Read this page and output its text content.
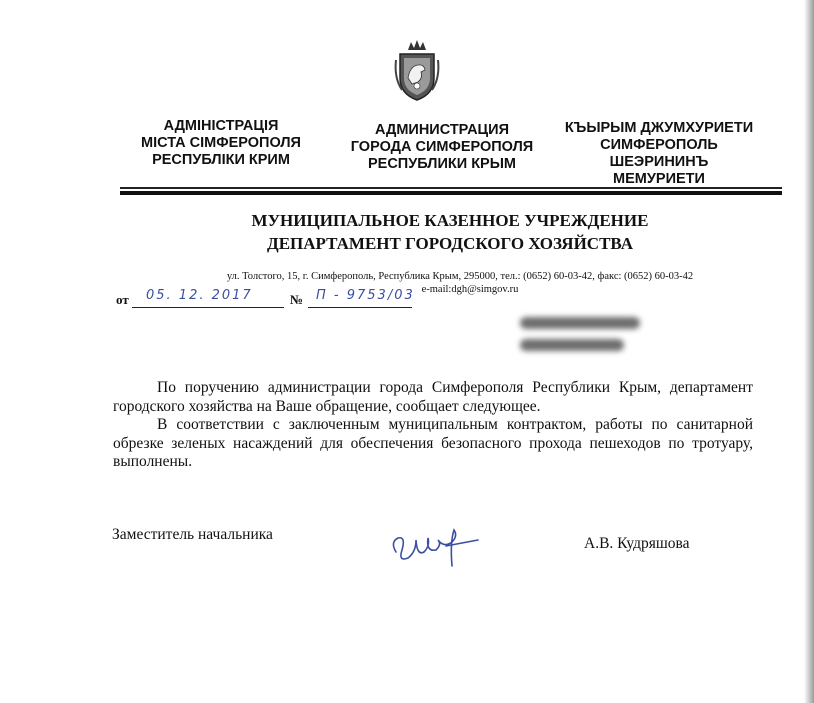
АДМІНІСТРАЦІЯ
МІСТА СІМФЕРОПОЛЯ
РЕСПУБЛІКИ КРИМ
АДМИНИСТРАЦИЯ
ГОРОДА СИМФЕРОПОЛЯ
РЕСПУБЛИКИ КРЫМ
КЪЫРЫМ ДЖУМХУРИЕТИ
СИМФЕРОПОЛЬ
ШЕЭРИНИНЪ
МЕМУРИЕТИ
МУНИЦИПАЛЬНОЕ КАЗЕННОЕ УЧРЕЖДЕНИЕ
ДЕПАРТАМЕНТ ГОРОДСКОГО ХОЗЯЙСТВА
ул. Толстого, 15, г. Симферополь, Республика Крым, 295000, тел.: (0652) 60-03-42, факс: (0652) 60-03-42
e-mail:dgh@simgov.ru
от 05. 12. 2017	№ П - 9753/03

По поручению администрации города Симферополя Республики Крым, департамент городского хозяйства на Ваше обращение, сообщает следующее.

В соответствии с заключенным муниципальным контрактом, работы по санитарной обрезке зеленых насаждений для обеспечения безопасного прохода пешеходов по тротуару, выполнены.

Заместитель начальника
А.В. Кудряшова
